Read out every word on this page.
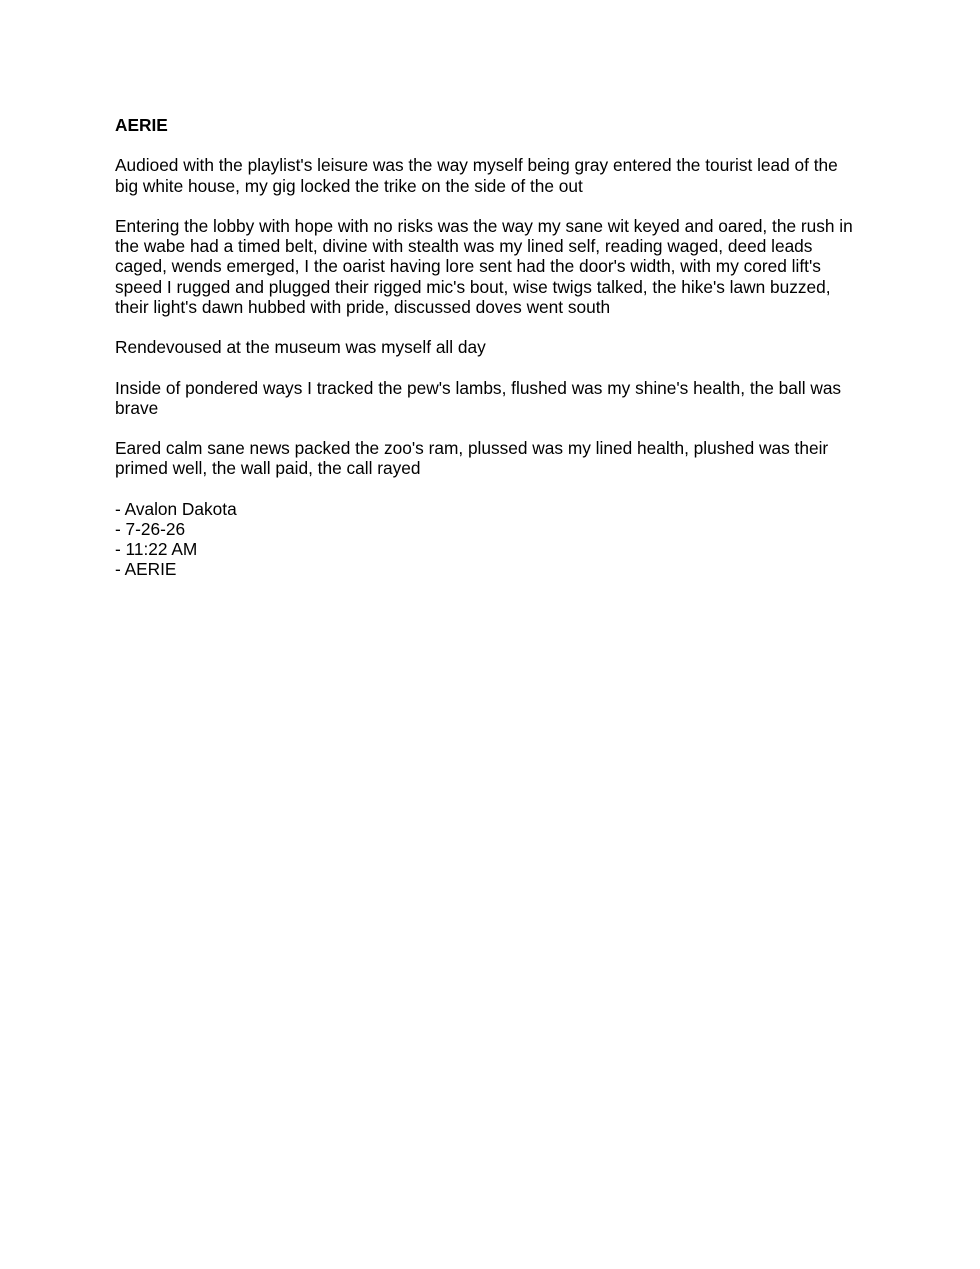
AERIE
Audioed with the playlist's leisure was the way myself being gray entered the tourist lead of the big white house, my gig locked the trike on the side of the out
Entering the lobby with hope with no risks was the way my sane wit keyed and oared, the rush in the wabe had a timed belt, divine with stealth was my lined self, reading waged, deed leads caged, wends emerged, I the oarist having lore sent had the door's width, with my cored lift's speed I rugged and plugged their rigged mic's bout, wise twigs talked, the hike's lawn buzzed, their light's dawn hubbed with pride, discussed doves went south
Rendevoused at the museum was myself all day
Inside of pondered ways I tracked the pew's lambs, flushed was my shine's health, the ball was brave
Eared calm sane news packed the zoo's ram, plussed was my lined health, plushed was their primed well, the wall paid, the call rayed
- Avalon Dakota
- 7-26-26
- 11:22 AM
- AERIE
